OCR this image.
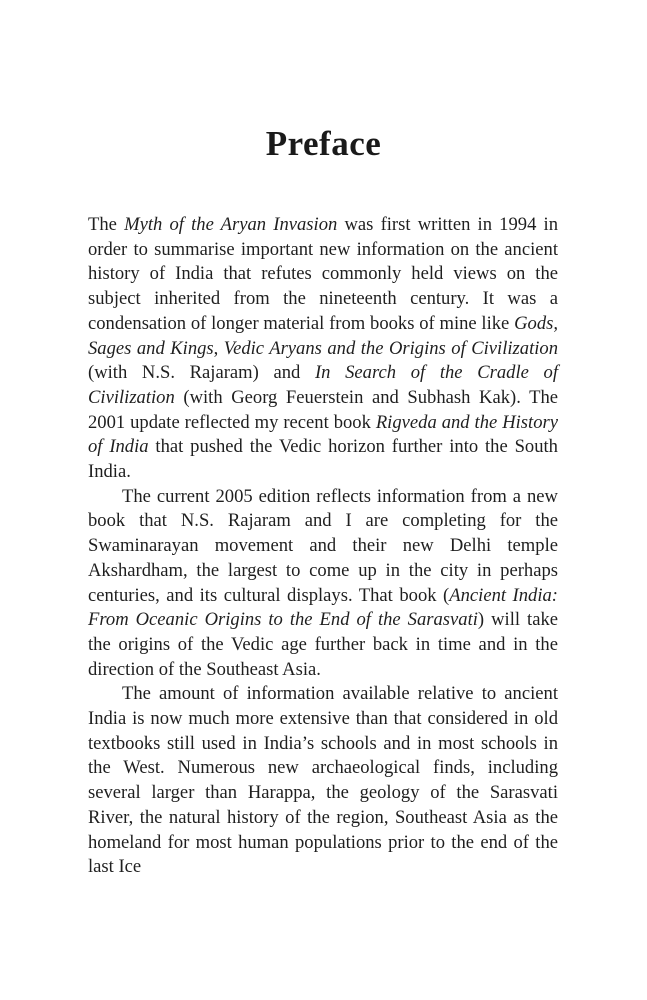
Preface

The Myth of the Aryan Invasion was first written in 1994 in order to summarise important new information on the ancient history of India that refutes commonly held views on the subject inherited from the nineteenth century. It was a condensation of longer material from books of mine like Gods, Sages and Kings, Vedic Aryans and the Origins of Civilization (with N.S. Rajaram) and In Search of the Cradle of Civilization (with Georg Feuerstein and Subhash Kak). The 2001 update reflected my recent book Rigveda and the History of India that pushed the Vedic horizon further into the South India.

The current 2005 edition reflects information from a new book that N.S. Rajaram and I are completing for the Swaminarayan movement and their new Delhi temple Akshardham, the largest to come up in the city in perhaps centuries, and its cultural displays. That book (Ancient India: From Oceanic Origins to the End of the Sarasvati) will take the origins of the Vedic age further back in time and in the direction of the Southeast Asia.

The amount of information available relative to ancient India is now much more extensive than that considered in old textbooks still used in India’s schools and in most schools in the West. Numerous new archaeological finds, including several larger than Harappa, the geology of the Sarasvati River, the natural history of the region, Southeast Asia as the homeland for most human populations prior to the end of the last Ice
